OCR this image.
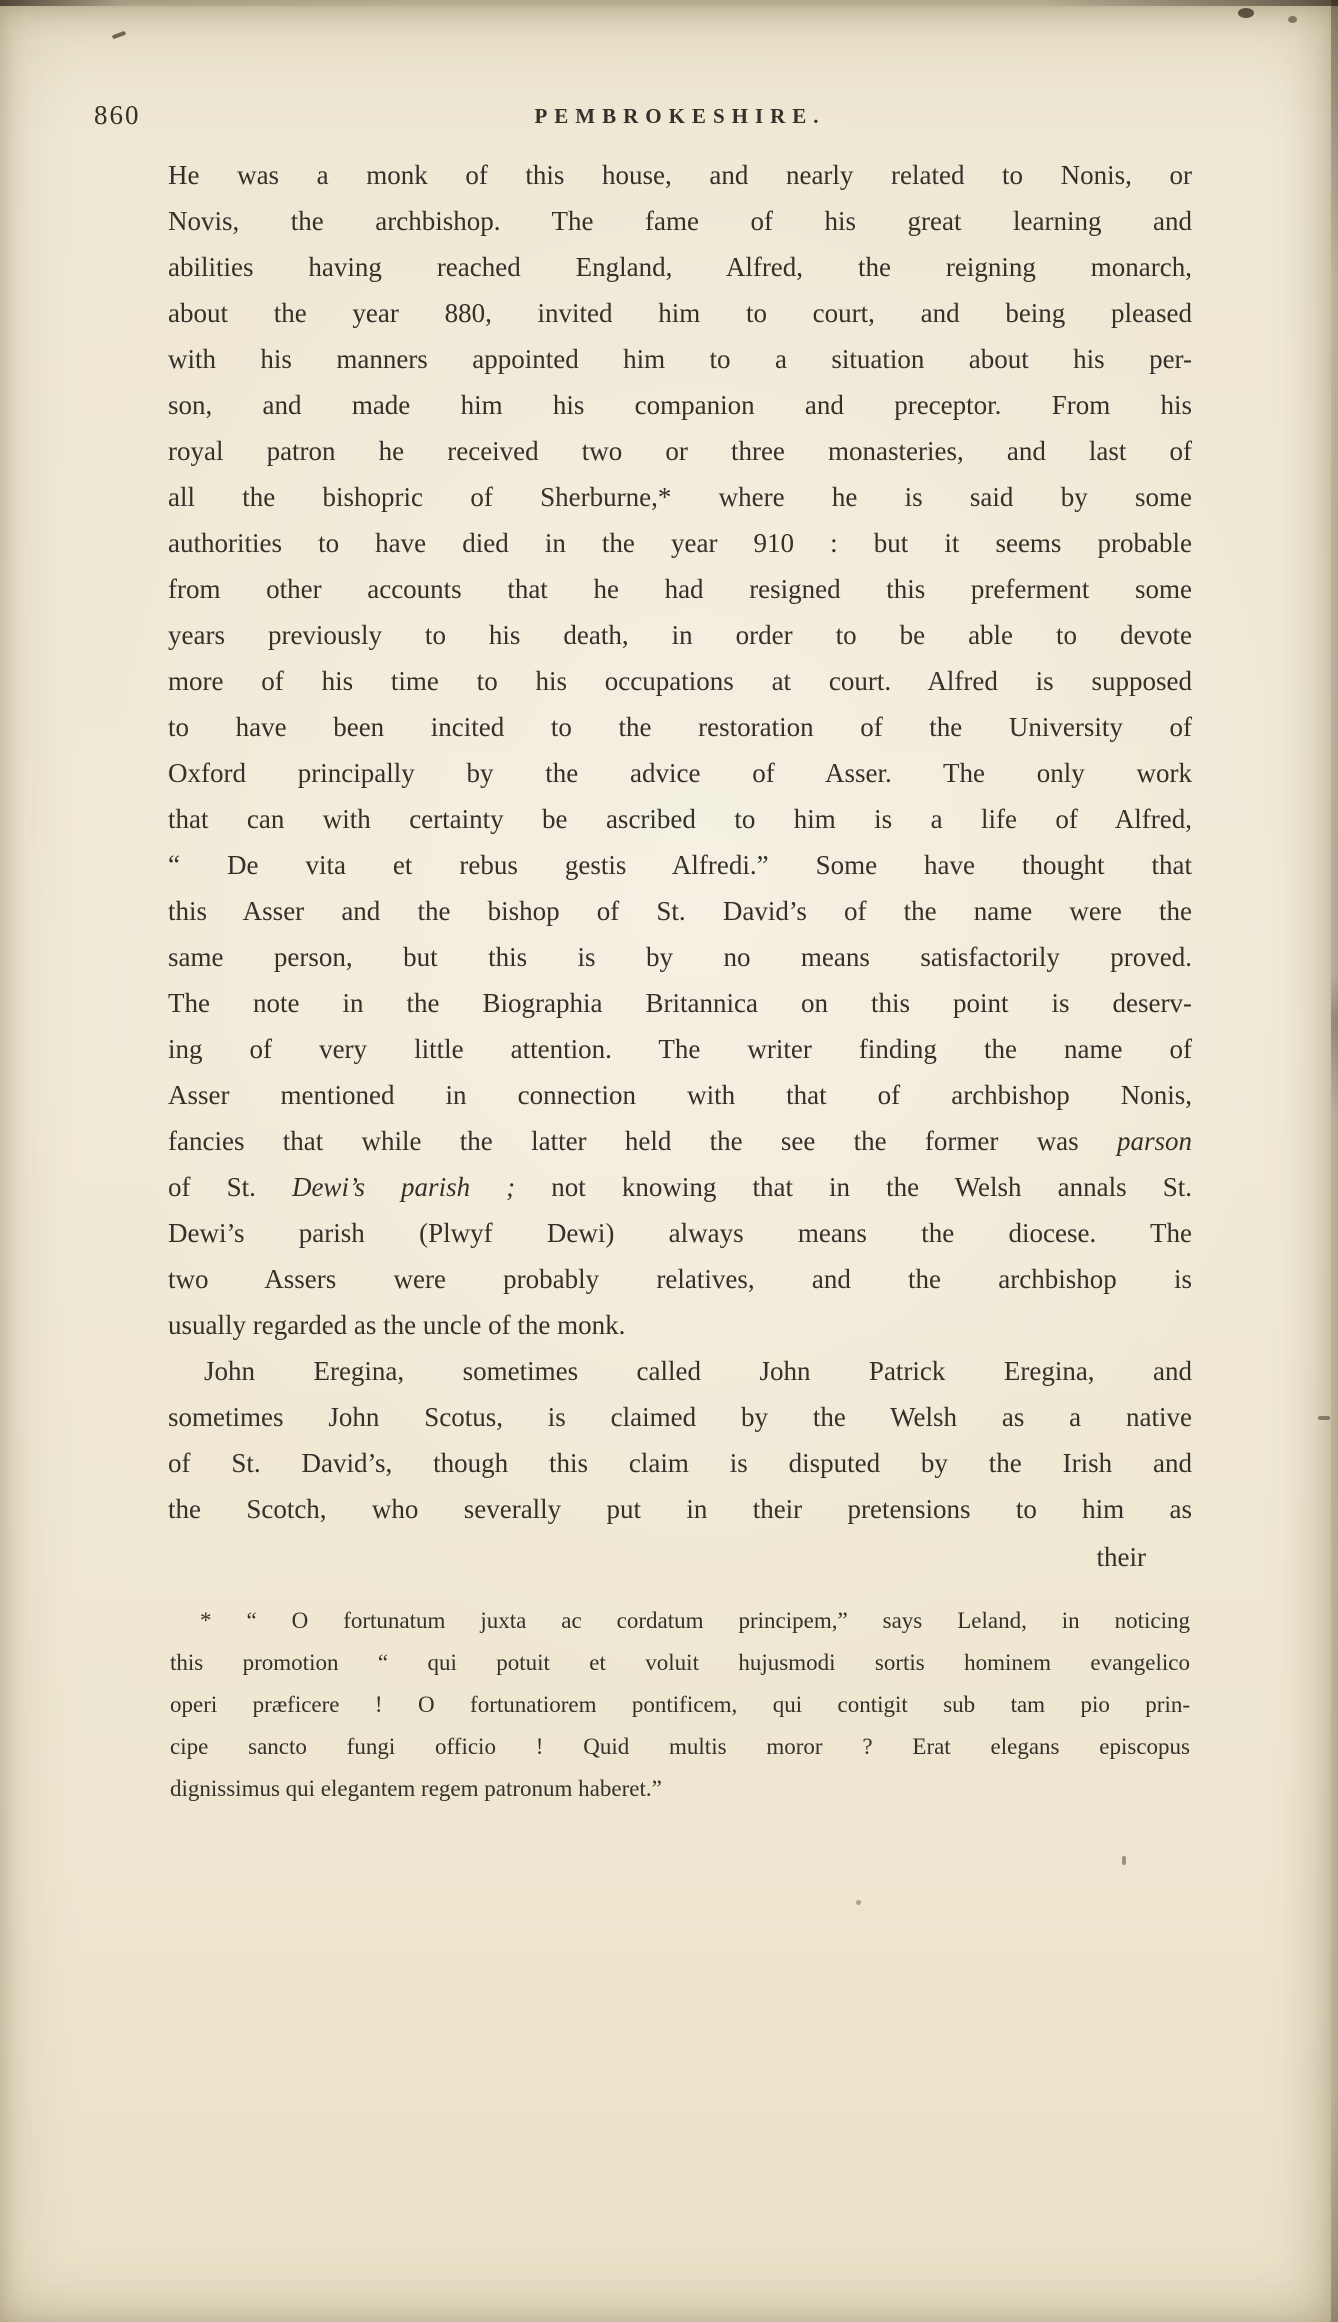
860	PEMBROKESHIRE.
He was a monk of this house, and nearly related to Nonis, or
Novis, the archbishop. The fame of his great learning and
abilities having reached England, Alfred, the reigning monarch,
about the year 880, invited him to court, and being pleased
with his manners appointed him to a situation about his per-
son, and made him his companion and preceptor. From his
royal patron he received two or three monasteries, and last of
all the bishopric of Sherburne,* where he is said by some
authorities to have died in the year 910 : but it seems probable
from other accounts that he had resigned this preferment some
years previously to his death, in order to be able to devote
more of his time to his occupations at court. Alfred is supposed
to have been incited to the restoration of the University of
Oxford principally by the advice of Asser. The only work
that can with certainty be ascribed to him is a life of Alfred,
“ De vita et rebus gestis Alfredi.” Some have thought that
this Asser and the bishop of St. David’s of the name were the
same person, but this is by no means satisfactorily proved.
The note in the Biographia Britannica on this point is deserv-
ing of very little attention. The writer finding the name of
Asser mentioned in connection with that of archbishop Nonis,
fancies that while the latter held the see the former was parson
of St. Dewi’s parish ; not knowing that in the Welsh annals St.
Dewi’s parish (Plwyf Dewi) always means the diocese. The
two Assers were probably relatives, and the archbishop is
usually regarded as the uncle of the monk.
John Eregina, sometimes called John Patrick Eregina, and
sometimes John Scotus, is claimed by the Welsh as a native
of St. David’s, though this claim is disputed by the Irish and
the Scotch, who severally put in their pretensions to him as
their
* “ O fortunatum juxta ac cordatum principem,” says Leland, in noticing
this promotion “ qui potuit et voluit hujusmodi sortis hominem evangelico
operi præficere ! O fortunatiorem pontificem, qui contigit sub tam pio prin-
cipe sancto fungi officio ! Quid multis moror ? Erat elegans episcopus
dignissimus qui elegantem regem patronum haberet.”
